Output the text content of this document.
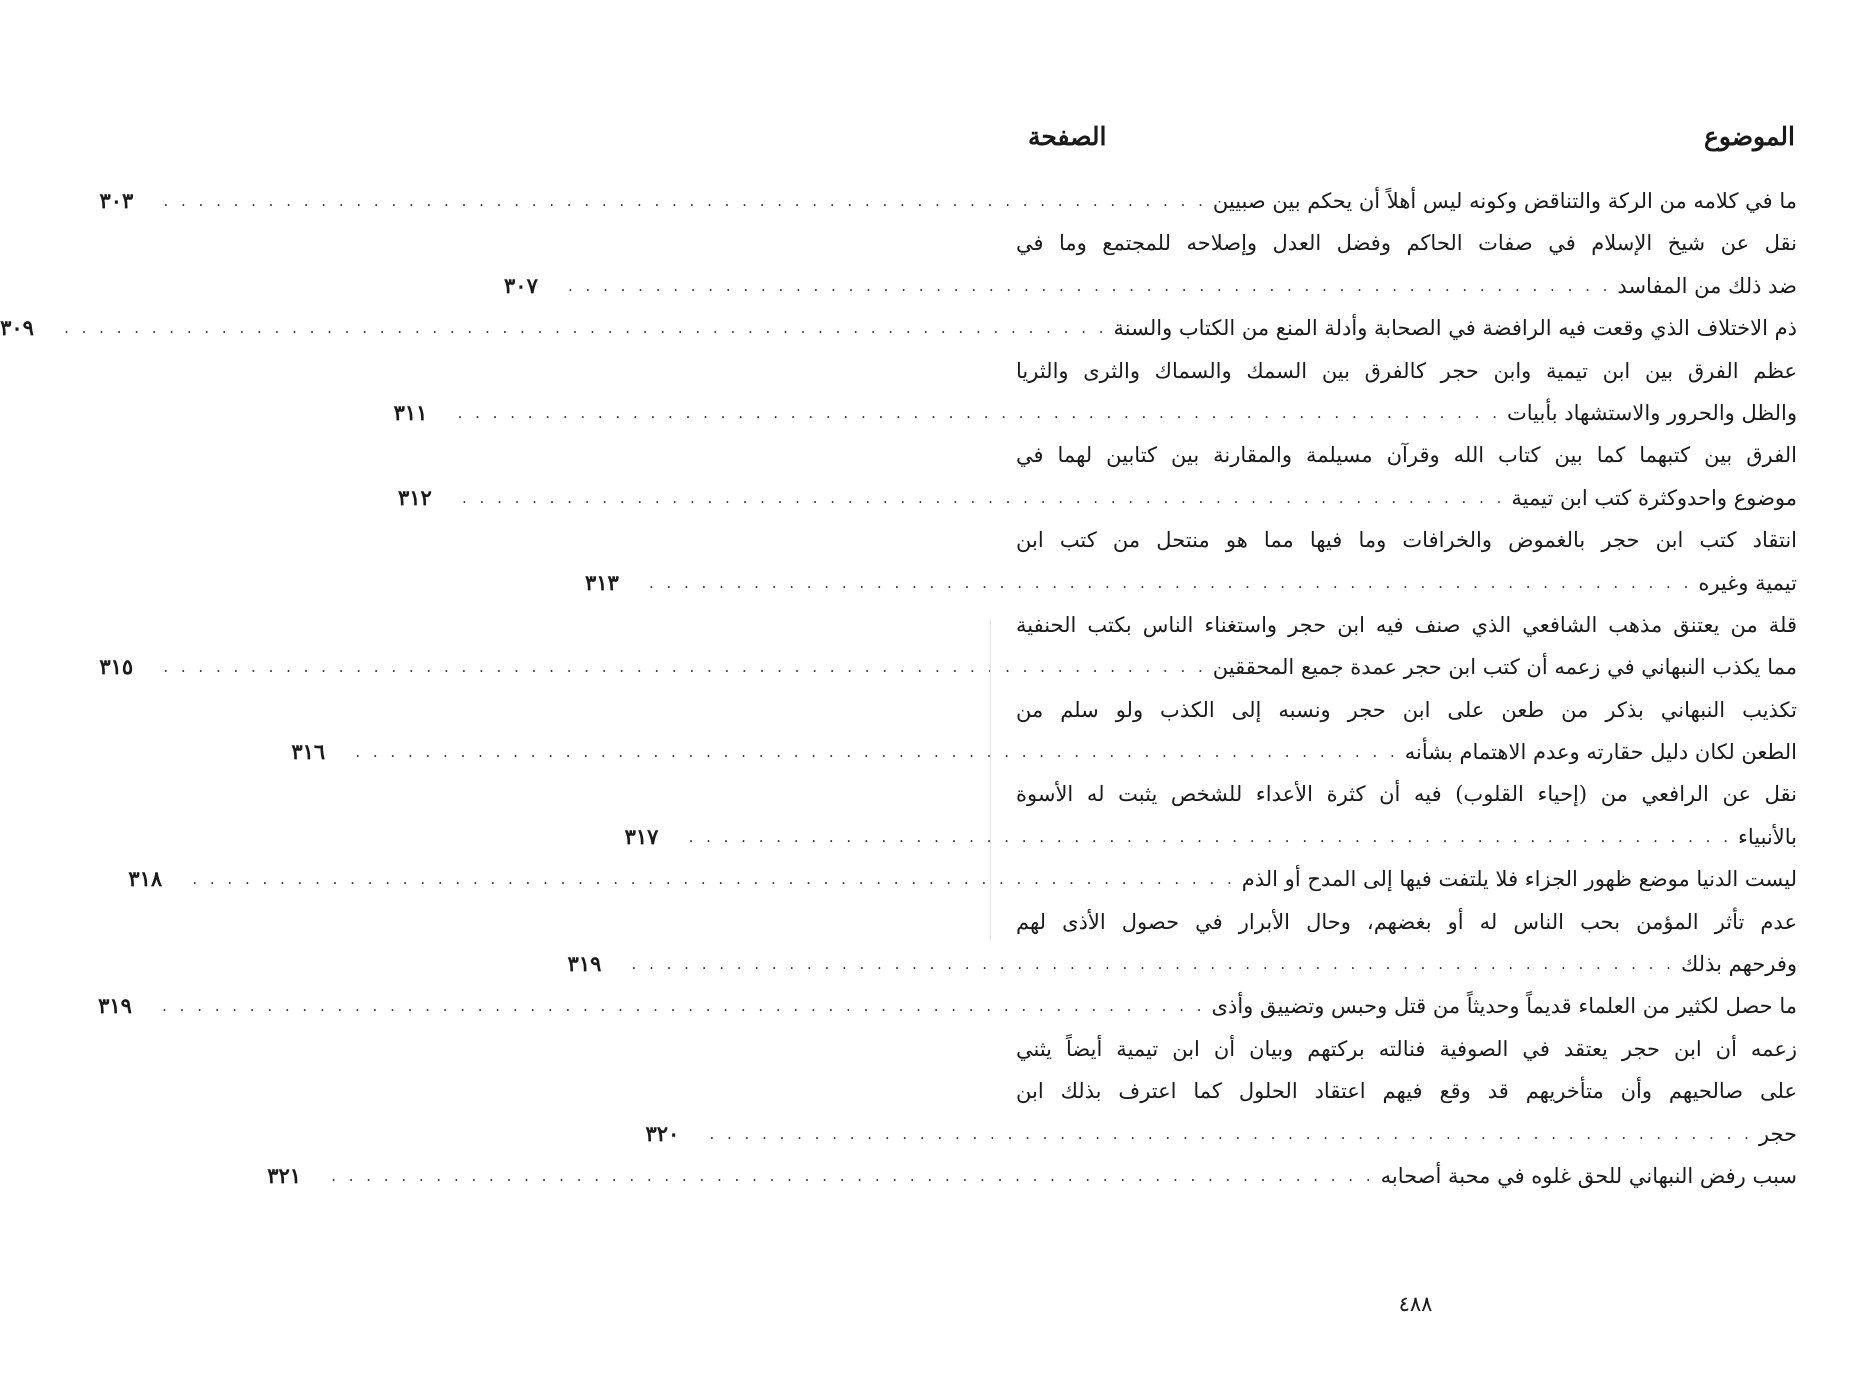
الموضوع
الصفحة
ما في كلامه من الركة والتناقض وكونه ليس أهلاً أن يحكم بين صبيين
. . .
٣٠٣
نقل عن شيخ الإسلام في صفات الحاكم وفضل العدل وإصلاحه للمجتمع وما في
ضد ذلك من المفاسد
. . .
٣٠٧
ذم الاختلاف الذي وقعت فيه الرافضة في الصحابة وأدلة المنع من الكتاب والسنة
. . .
٣٠٩
عظم الفرق بين ابن تيمية وابن حجر كالفرق بين السمك والسماك والثرى والثريا
والظل والحرور والاستشهاد بأبيات
. . .
٣١١
الفرق بين كتبهما كما بين كتاب الله وقرآن مسيلمة والمقارنة بين كتابين لهما في
موضوع واحدوكثرة كتب ابن تيمية
. . .
٣١٢
انتقاد كتب ابن حجر بالغموض والخرافات وما فيها مما هو منتحل من كتب ابن
تيمية وغيره
. . .
٣١٣
قلة من يعتنق مذهب الشافعي الذي صنف فيه ابن حجر واستغناء الناس بكتب الحنفية
مما يكذب النبهاني في زعمه أن كتب ابن حجر عمدة جميع المحققين
. . .
٣١٥
تكذيب النبهاني بذكر من طعن على ابن حجر ونسبه إلى الكذب ولو سلم من
الطعن لكان دليل حقارته وعدم الاهتمام بشأنه
. . .
٣١٦
نقل عن الرافعي من (إحياء القلوب) فيه أن كثرة الأعداء للشخص يثبت له الأسوة
بالأنبياء
. . .
٣١٧
ليست الدنيا موضع ظهور الجزاء فلا يلتفت فيها إلى المدح أو الذم
. . .
٣١٨
عدم تأثر المؤمن بحب الناس له أو بغضهم، وحال الأبرار في حصول الأذى لهم
وفرحهم بذلك
. . .
٣١٩
ما حصل لكثير من العلماء قديماً وحديثاً من قتل وحبس وتضييق وأذى
. . .
٣١٩
زعمه أن ابن حجر يعتقد في الصوفية فنالته بركتهم وبيان أن ابن تيمية أيضاً يثني
على صالحيهم وأن متأخريهم قد وقع فيهم اعتقاد الحلول كما اعترف بذلك ابن
حجر
. . .
٣٢٠
سبب رفض النبهاني للحق غلوه في محبة أصحابه
. . .
٣٢١
٤٨٨
